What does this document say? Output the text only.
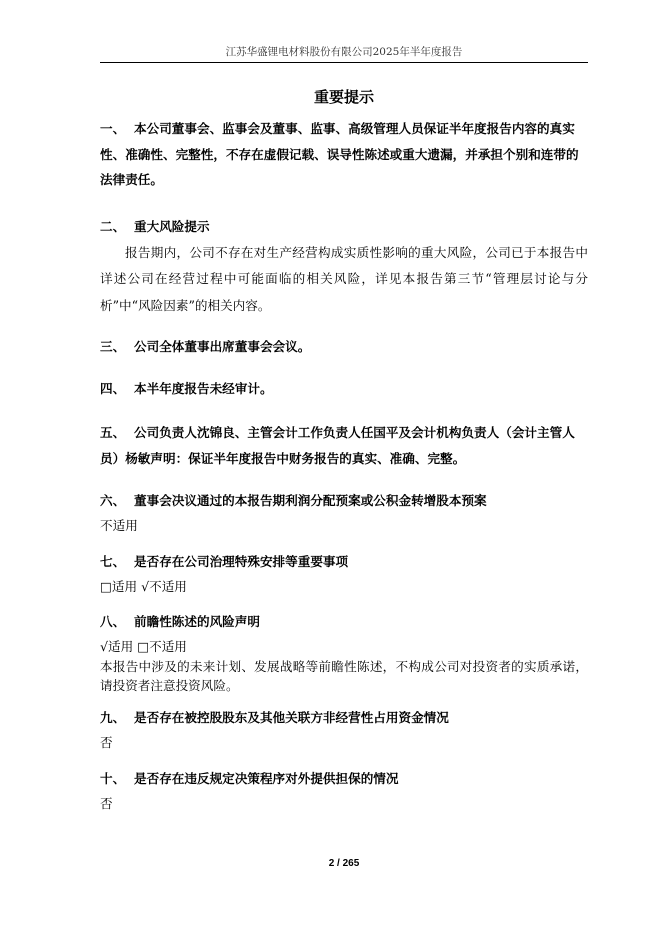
江苏华盛锂电材料股份有限公司2025年半年度报告
重要提示
一、 本公司董事会、监事会及董事、监事、高级管理人员保证半年度报告内容的真实性、准确性、完整性，不存在虚假记载、误导性陈述或重大遗漏，并承担个别和连带的法律责任。
二、 重大风险提示
报告期内，公司不存在对生产经营构成实质性影响的重大风险，公司已于本报告中详述公司在经营过程中可能面临的相关风险，详见本报告第三节“管理层讨论与分析”中“风险因素”的相关内容。
三、 公司全体董事出席董事会会议。
四、 本半年度报告未经审计。
五、 公司负责人沈锦良、主管会计工作负责人任国平及会计机构负责人（会计主管人员）杨敏声明：保证半年度报告中财务报告的真实、准确、完整。
六、 董事会决议通过的本报告期利润分配预案或公积金转增股本预案
不适用
七、 是否存在公司治理特殊安排等重要事项
□适用 √不适用
八、 前瞻性陈述的风险声明
√适用 □不适用
本报告中涉及的未来计划、发展战略等前瞻性陈述，不构成公司对投资者的实质承诺，请投资者注意投资风险。
九、 是否存在被控股股东及其他关联方非经营性占用资金情况
否
十、 是否存在违反规定决策程序对外提供担保的情况
否
2 / 265
